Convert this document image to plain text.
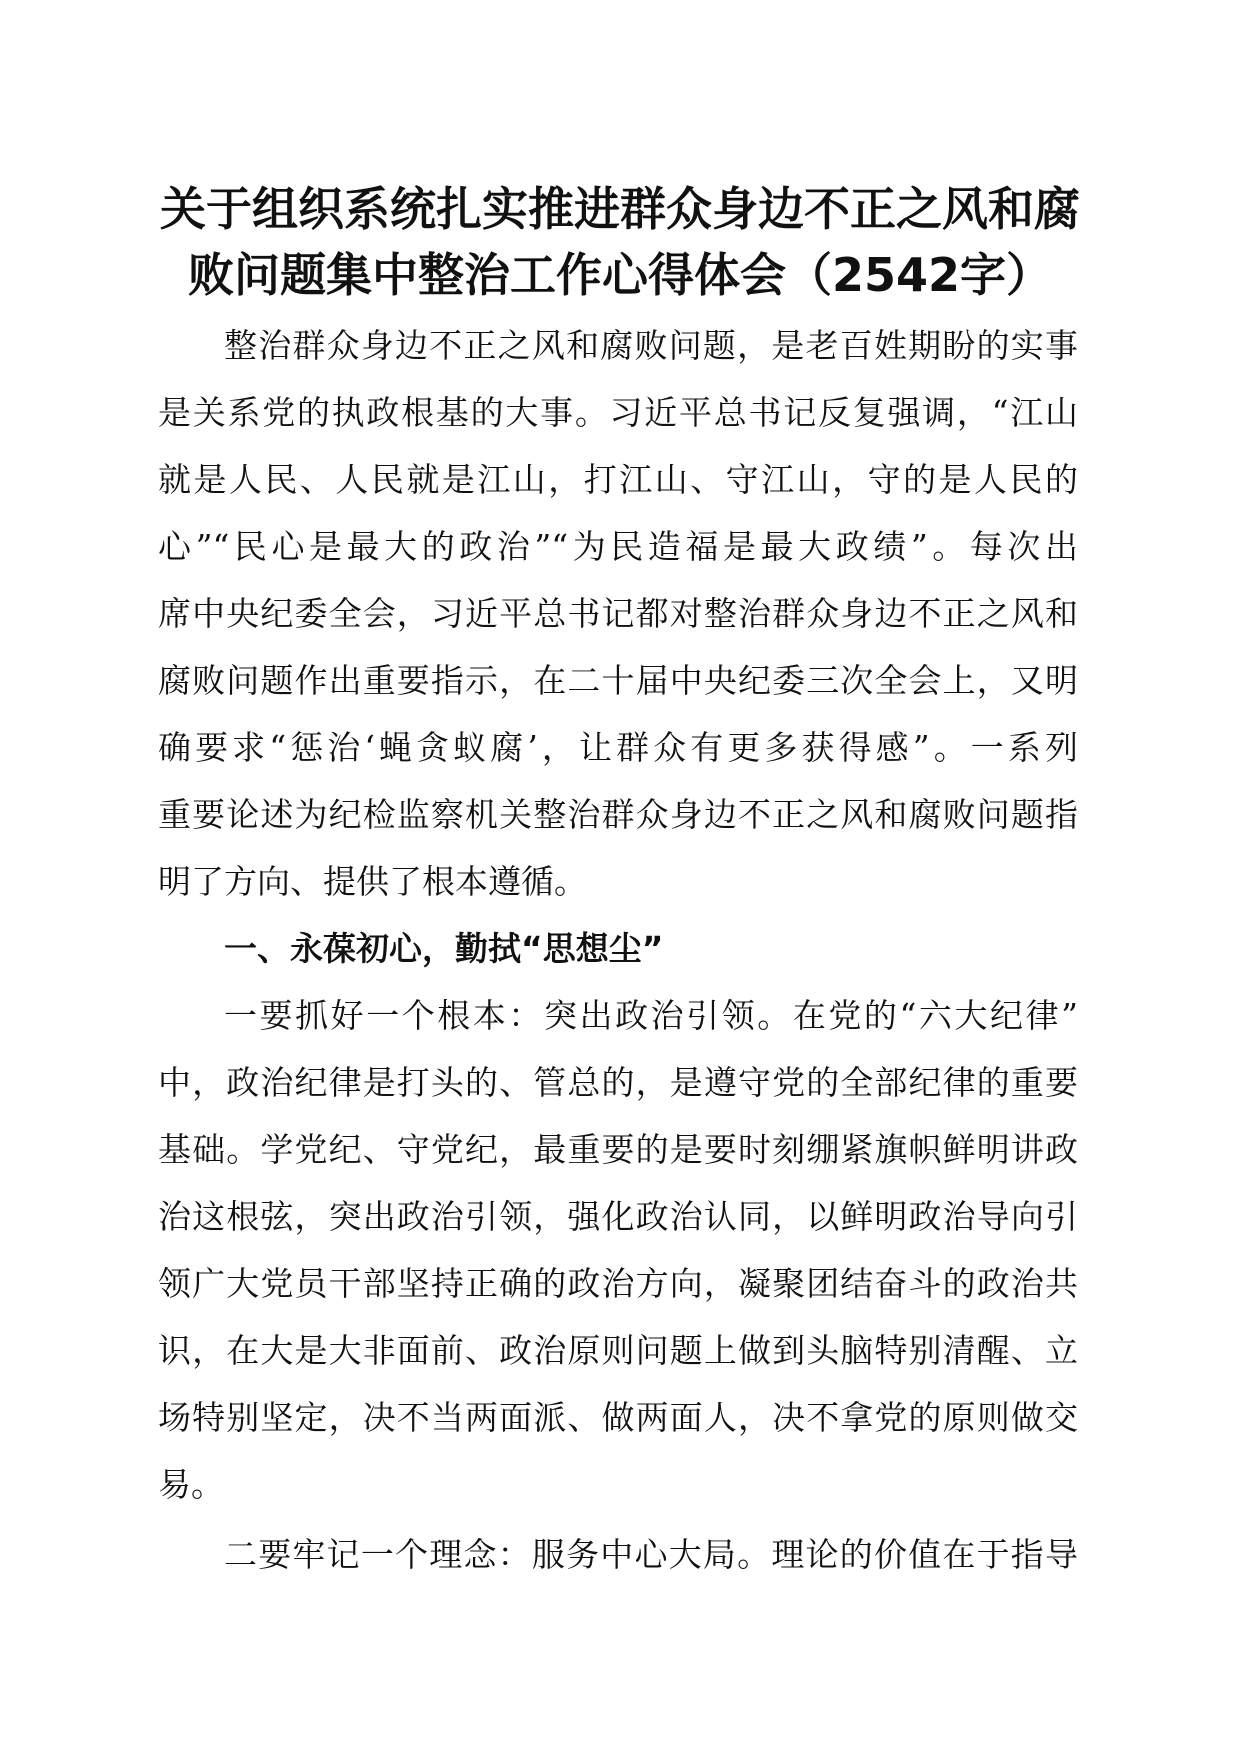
关于组织系统扎实推进群众身边不正之风和腐
败问题集中整治工作心得体会（2542字）
整治群众身边不正之风和腐败问题，是老百姓期盼的实事
是关系党的执政根基的大事。习近平总书记反复强调，“江山
就是人民、人民就是江山，打江山、守江山，守的是人民的
心”“民心是最大的政治”“为民造福是最大政绩”。每次出
席中央纪委全会，习近平总书记都对整治群众身边不正之风和
腐败问题作出重要指示，在二十届中央纪委三次全会上，又明
确要求“惩治‘蝇贪蚁腐’，让群众有更多获得感”。一系列
重要论述为纪检监察机关整治群众身边不正之风和腐败问题指
明了方向、提供了根本遵循。
一、永葆初心，勤拭“思想尘”
一要抓好一个根本：突出政治引领。在党的“六大纪律”
中，政治纪律是打头的、管总的，是遵守党的全部纪律的重要
基础。学党纪、守党纪，最重要的是要时刻绷紧旗帜鲜明讲政
治这根弦，突出政治引领，强化政治认同，以鲜明政治导向引
领广大党员干部坚持正确的政治方向，凝聚团结奋斗的政治共
识，在大是大非面前、政治原则问题上做到头脑特别清醒、立
场特别坚定，决不当两面派、做两面人，决不拿党的原则做交
易。
二要牢记一个理念：服务中心大局。理论的价值在于指导
